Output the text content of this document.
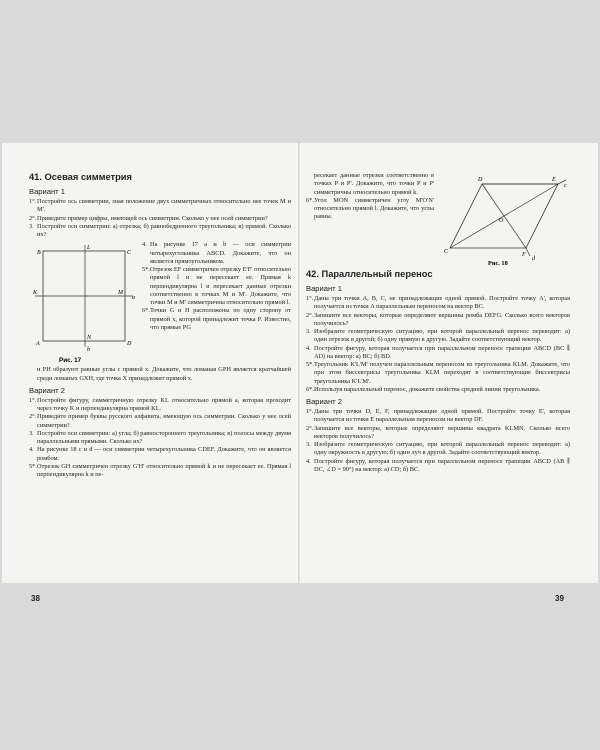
41. Осевая симметрия
Вариант 1
1°. Постройте ось симметрии, зная положение двух симметричных относительно нее точек M и M'.

2°. Приведите пример цифры, имеющей ось симметрии. Сколько у нее осей симметрии?

3. Постройте оси симметрии: а) отрезка; б) равнобедренного треугольника; в) прямой. Сколько их?

B
L
C
K	M
a
A
N
D
b
Рис. 17
4. На рисунке 17 a и b — оси симметрии четырехугольника ABCD. Докажите, что он является прямоугольником.

5*. Отрезок EF симметричен отрезку E'F' относительно прямой l и не пересекает ее. Прямая k перпендикулярна l и пересекает данные отрезки соответственно в точках M и M'. Докажите, что точки M и M' симметричны относительно прямой l.

6*. Точки G и H расположены по одну сторону от прямой x, которой принадлежит точка P. Известно, что прямые PG

и PH образуют равные углы с прямой x. Докажите, что ломаная GPH является кратчайшей среди ломаных GXH, где точка X принадлежит прямой x.

Вариант 2
1°. Постройте фигуру, симметричную отрезку KL относительно прямой a, которая проходит через точку K и перпендикулярна прямой KL.

2°. Приведите пример буквы русского алфавита, имеющую ось симметрии. Сколько у нее осей симметрии?

3. Постройте оси симметрии: а) угла; б) равностороннего треугольника; в) полосы между двумя параллельными прямыми. Сколько их?

4. На рисунке 18 c и d — оси симметрии четырехугольника CDEF. Докажите, что он является ромбом.

5*. Отрезок GH симметричен отрезку G'H' относительно прямой k и не пересекает ее. Прямая l перпендикулярна k и пе-

38

ресекает данные отрезки соответственно в точках P и P'. Докажите, что точки P и P' симметричны относительно прямой k.

6*. Угол MON симметричен углу M'O'N' относительно прямой l. Докажите, что углы равны.

D	E
c
O
C	F
d
Рис. 18
42. Параллельный перенос
Вариант 1
1°. Даны три точки A, B, C, не принадлежащие одной прямой. Постройте точку A', которая получается из точки A параллельным переносом на вектор BC.

2°. Запишите все векторы, которые определяют вершины ромба DEFG. Сколько всего векторов получилось?

3. Изобразите геометрическую ситуацию, при которой параллельный перенос переводит: а) один отрезок в другой; б) одну прямую в другую. Задайте соответствующий вектор.

4. Постройте фигуру, которая получается при параллельном переносе трапеции ABCD (BC ∥ AD) на вектор: а) BC; б) BD.

5*. Треугольник K'L'M' получен параллельным переносом из треугольника KLM. Докажите, что при этом биссектрисы треугольника KLM переходят в соответствующие биссектрисы треугольника K'L'M'.

6*. Используя параллельный перенос, докажите свойства средней линии треугольника.

Вариант 2
1°. Даны три точки D, E, F, принадлежащие одной прямой. Постройте точку E', которая получается из точки E параллельным переносом на вектор DF.

2°. Запишите все векторы, которые определяют вершины квадрата KLMN. Сколько всего векторов получилось?

3. Изобразите геометрическую ситуацию, при которой параллельный перенос переводит: а) одну окружность в другую; б) один луч в другой. Задайте соответствующий вектор.

4. Постройте фигуру, которая получается при параллельном переносе трапеции ABCD (AB ∥ DC, ∠D = 90°) на вектор: а) CD; б) BC.

39
